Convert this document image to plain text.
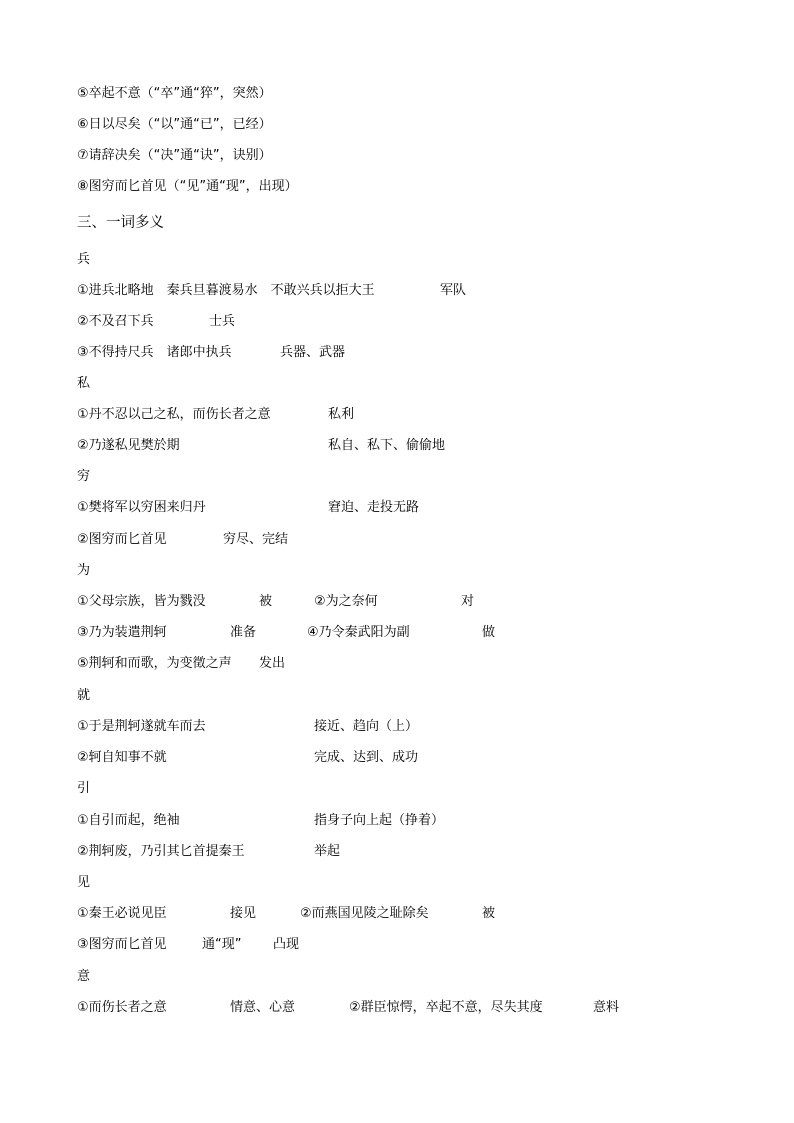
⑤卒起不意（“卒”通“猝”，突然）
⑥日以尽矣（“以”通“已”，已经）
⑦请辞决矣（“决”通“诀”，诀别）
⑧图穷而匕首见（“见”通“现”，出现）
三、一词多义
兵
①进兵北略地　秦兵旦暮渡易水　不敢兴兵以拒大王	军队
②不及召下兵	士兵
③不得持尺兵　诸郎中执兵	兵器、武器
私
①丹不忍以己之私，而伤长者之意	私利
②乃遂私见樊於期	私自、私下、偷偷地
穷
①樊将军以穷困来归丹	窘迫、走投无路
②图穷而匕首见	穷尽、完结
为
①父母宗族，皆为戮没	被	②为之奈何	对
③乃为装遣荆轲	准备	④乃令秦武阳为副	做
⑤荆轲和而歌，为变徵之声 发出
就
①于是荆轲遂就车而去	接近、趋向（上）
②轲自知事不就	完成、达到、成功
引
①自引而起，绝袖	指身子向上起（挣着）
②荆轲废，乃引其匕首提秦王	举起
见
①秦王必说见臣	接见	②而燕国见陵之耻除矣	被
③图穷而匕首见	通“现” 凸现
意
①而伤长者之意	情意、心意	②群臣惊愕，卒起不意，尽失其度	意料
